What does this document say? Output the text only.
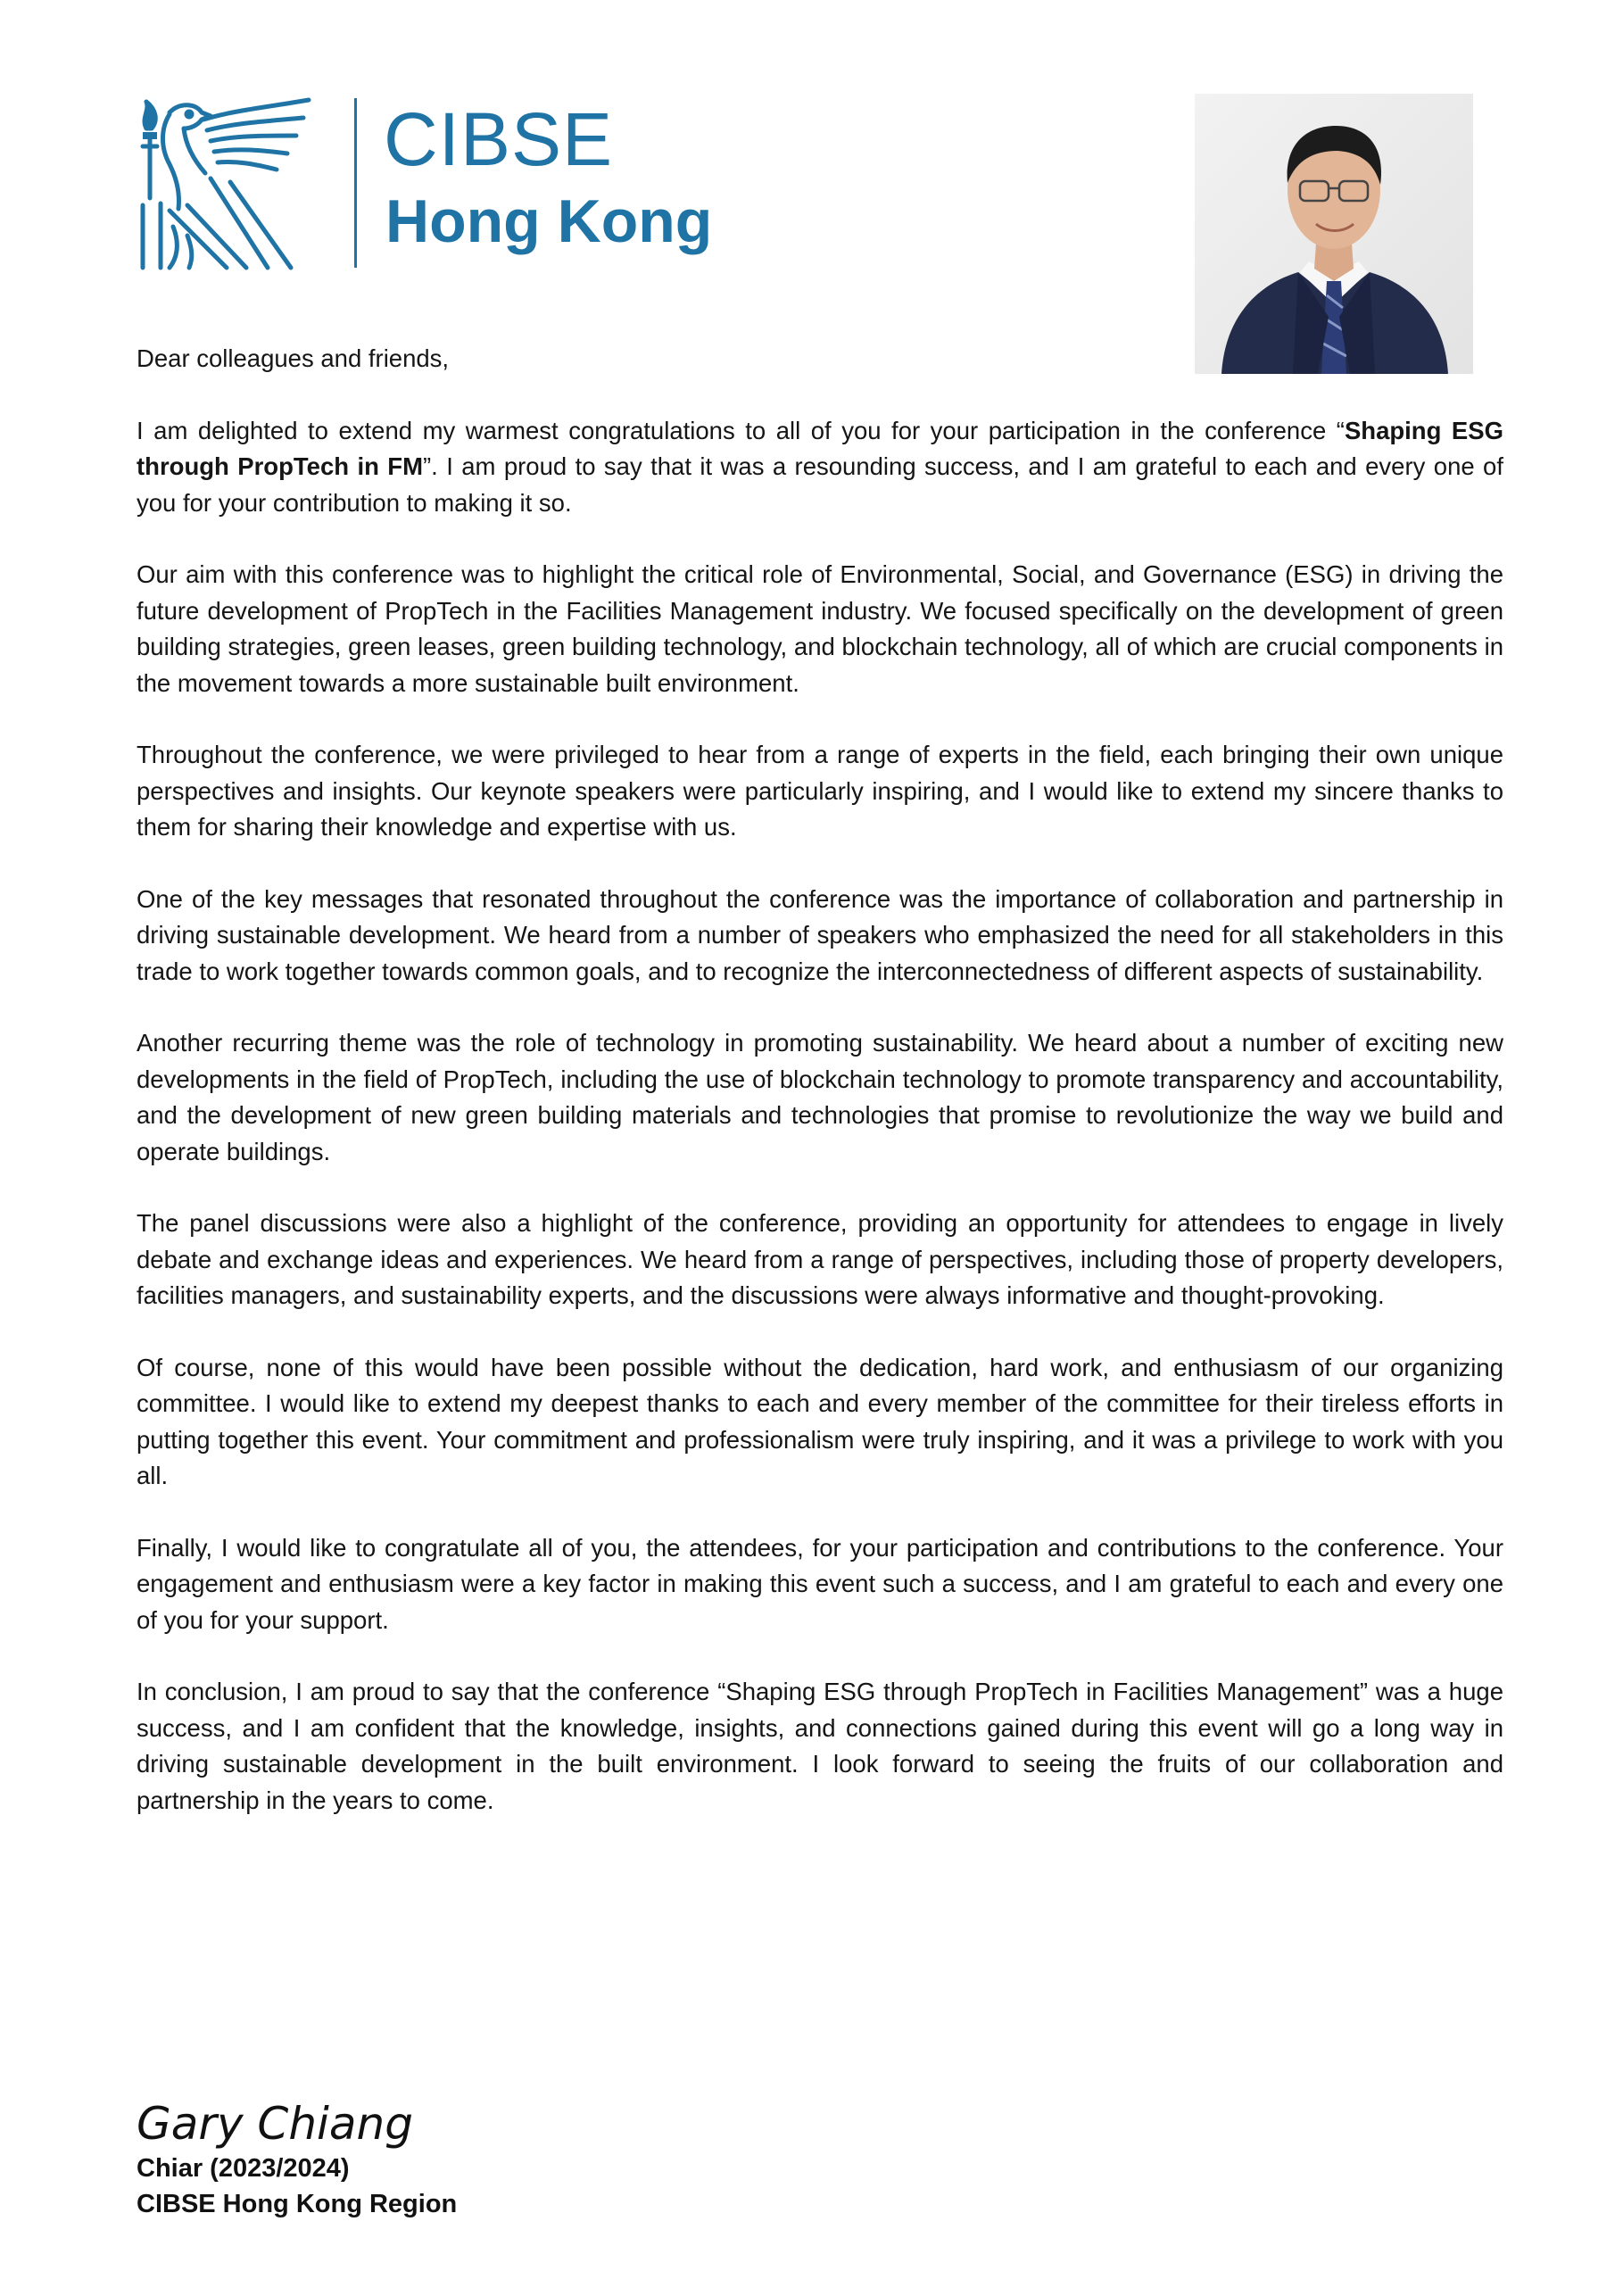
CIBSE
Hong Kong

Dear colleagues and friends,

I am delighted to extend my warmest congratulations to all of you for your participation in the conference “Shaping ESG through PropTech in FM”. I am proud to say that it was a resounding success, and I am grateful to each and every one of you for your contribution to making it so.

Our aim with this conference was to highlight the critical role of Environmental, Social, and Governance (ESG) in driving the future development of PropTech in the Facilities Management industry. We focused specifically on the development of green building strategies, green leases, green building technology, and blockchain technology, all of which are crucial components in the movement towards a more sustainable built environment.

Throughout the conference, we were privileged to hear from a range of experts in the field, each bringing their own unique perspectives and insights. Our keynote speakers were particularly inspiring, and I would like to extend my sincere thanks to them for sharing their knowledge and expertise with us.

One of the key messages that resonated throughout the conference was the importance of collaboration and partnership in driving sustainable development. We heard from a number of speakers who emphasized the need for all stakeholders in this trade to work together towards common goals, and to recognize the interconnectedness of different aspects of sustainability.

Another recurring theme was the role of technology in promoting sustainability. We heard about a number of exciting new developments in the field of PropTech, including the use of blockchain technology to promote transparency and accountability, and the development of new green building materials and technologies that promise to revolutionize the way we build and operate buildings.

The panel discussions were also a highlight of the conference, providing an opportunity for attendees to engage in lively debate and exchange ideas and experiences. We heard from a range of perspectives, including those of property developers, facilities managers, and sustainability experts, and the discussions were always informative and thought-provoking.

Of course, none of this would have been possible without the dedication, hard work, and enthusiasm of our organizing committee. I would like to extend my deepest thanks to each and every member of the committee for their tireless efforts in putting together this event. Your commitment and professionalism were truly inspiring, and it was a privilege to work with you all.

Finally, I would like to congratulate all of you, the attendees, for your participation and contributions to the conference. Your engagement and enthusiasm were a key factor in making this event such a success, and I am grateful to each and every one of you for your support.

In conclusion, I am proud to say that the conference “Shaping ESG through PropTech in Facilities Management” was a huge success, and I am confident that the knowledge, insights, and connections gained during this event will go a long way in driving sustainable development in the built environment. I look forward to seeing the fruits of our collaboration and partnership in the years to come.

Gary Chiang
Chiar (2023/2024)
CIBSE Hong Kong Region
